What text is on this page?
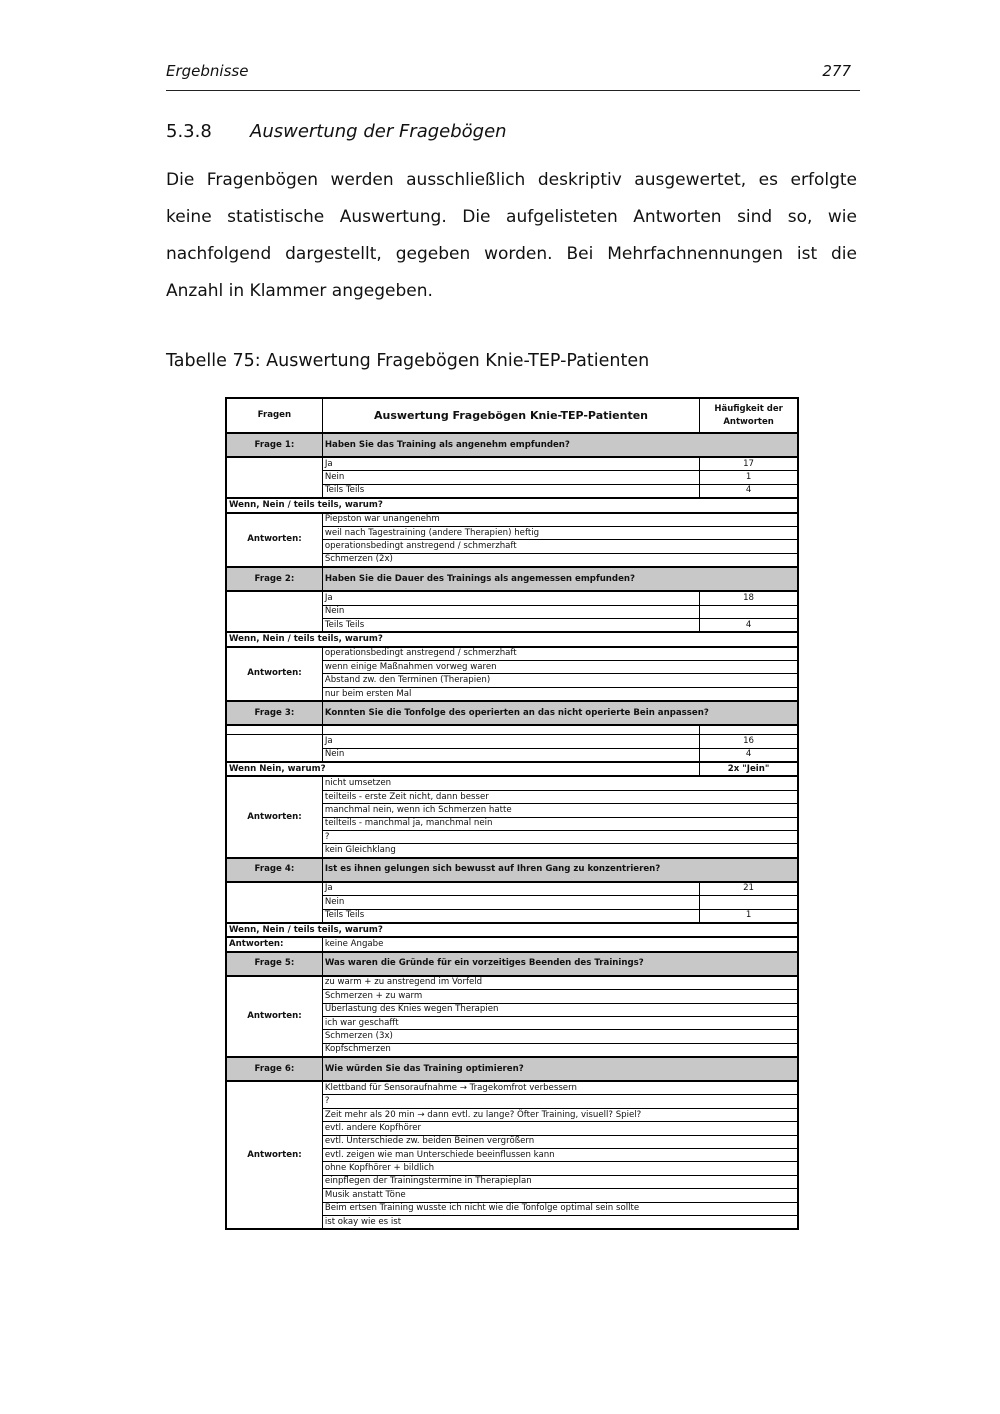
Ergebnisse	277
5.3.8 Auswertung der Fragebögen

Die Fragenbögen werden ausschließlich deskriptiv ausgewertet, es erfolgte keine statistische Auswertung. Die aufgelisteten Antworten sind so, wie nachfolgend dargestellt, gegeben worden. Bei Mehrfachnennungen ist die Anzahl in Klammer angegeben.

Tabelle 75: Auswertung Fragebögen Knie-TEP-Patienten
Fragen	Auswertung Fragebögen Knie-TEP-Patienten	Häufigkeit der Antworten
Frage 1:	Haben Sie das Training als angenehm empfunden?	
	Ja	17
	Nein	1
	Teils Teils	4
Wenn, Nein / teils teils, warum?		
Antworten:	Piepston war unangenehm	
	weil nach Tagestraining (andere Therapien) heftig	
	operationsbedingt anstregend / schmerzhaft	
	Schmerzen (2x)	
Frage 2:	Haben Sie die Dauer des Trainings als angemessen empfunden?	
	Ja	18
	Nein	
	Teils Teils	4
Wenn, Nein / teils teils, warum?		
Antworten:	operationsbedingt anstregend / schmerzhaft	
	wenn einige Maßnahmen vorweg waren	
	Abstand zw. den Terminen (Therapien)	
	nur beim ersten Mal	
Frage 3:	Konnten Sie die Tonfolge des operierten an das nicht operierte Bein anpassen?	

	Ja	16
	Nein	4
Wenn Nein, warum?		2x "Jein"
Antworten:	nicht umsetzen	
	teilteils - erste Zeit nicht, dann besser	
	manchmal nein, wenn ich Schmerzen hatte	
	teilteils - manchmal ja, manchmal nein	
	?	
	kein Gleichklang	
Frage 4:	Ist es ihnen gelungen sich bewusst auf Ihren Gang zu konzentrieren?	
	Ja	21
	Nein	
	Teils Teils	1
Wenn, Nein / teils teils, warum?		
Antworten:	keine Angabe	
Frage 5:	Was waren die Gründe für ein vorzeitiges Beenden des Trainings?	
Antworten:	zu warm + zu anstregend im Vorfeld	
	Schmerzen + zu warm	
	Überlastung des Knies wegen Therapien	
	ich war geschafft	
	Schmerzen (3x)	
	Kopfschmerzen	
Frage 6:	Wie würden Sie das Training optimieren?	
Antworten:	Klettband für Sensoraufnahme → Tragekomfrot verbessern	
	?	
	Zeit mehr als 20 min → dann evtl. zu lange? Öfter Training, visuell? Spiel?	
	evtl. andere Kopfhörer	
	evtl. Unterschiede zw. beiden Beinen vergrößern	
	evtl. zeigen wie man Unterschiede beeinflussen kann	
	ohne Kopfhörer + bildlich	
	einpflegen der Trainingstermine in Therapieplan	
	Musik anstatt Töne	
	Beim ertsen Training wusste ich nicht wie die Tonfolge optimal sein sollte	
	ist okay wie es ist	
